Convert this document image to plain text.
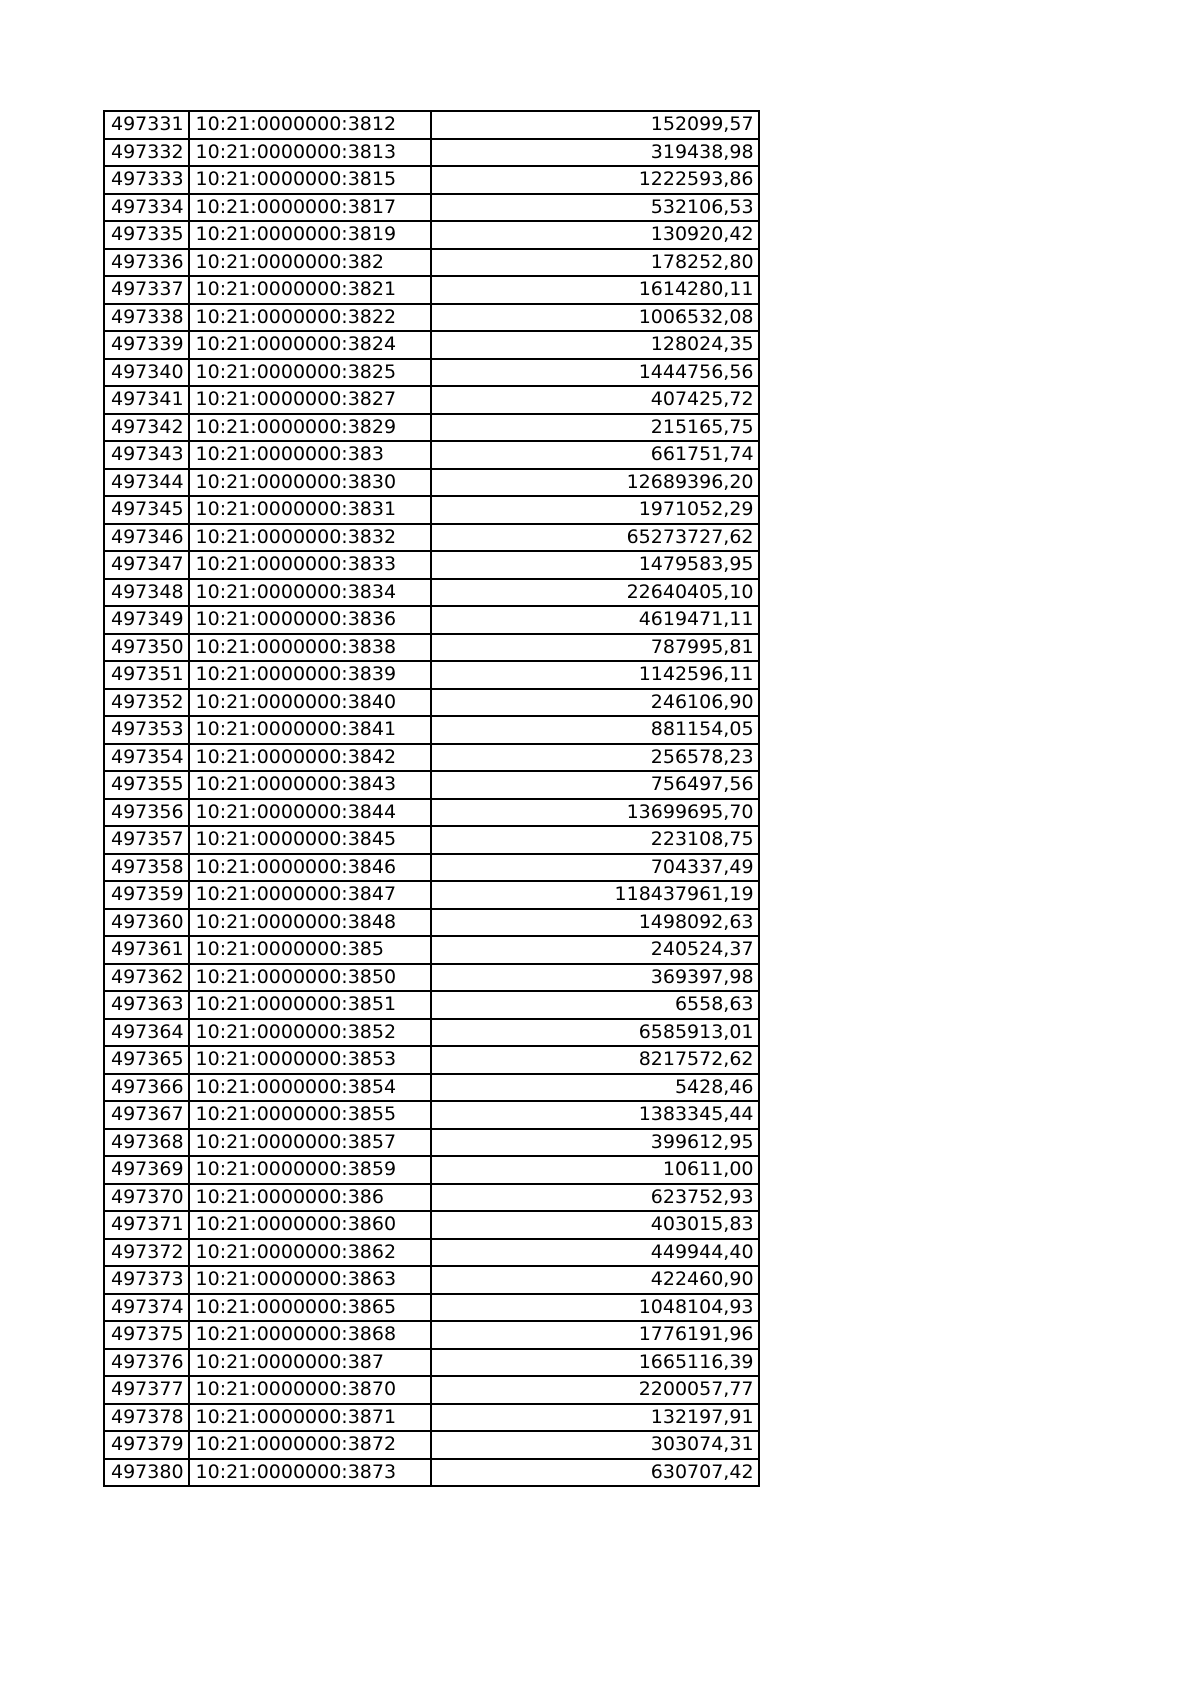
497331	10:21:0000000:3812	152099,57
497332	10:21:0000000:3813	319438,98
497333	10:21:0000000:3815	1222593,86
497334	10:21:0000000:3817	532106,53
497335	10:21:0000000:3819	130920,42
497336	10:21:0000000:382	178252,80
497337	10:21:0000000:3821	1614280,11
497338	10:21:0000000:3822	1006532,08
497339	10:21:0000000:3824	128024,35
497340	10:21:0000000:3825	1444756,56
497341	10:21:0000000:3827	407425,72
497342	10:21:0000000:3829	215165,75
497343	10:21:0000000:383	661751,74
497344	10:21:0000000:3830	12689396,20
497345	10:21:0000000:3831	1971052,29
497346	10:21:0000000:3832	65273727,62
497347	10:21:0000000:3833	1479583,95
497348	10:21:0000000:3834	22640405,10
497349	10:21:0000000:3836	4619471,11
497350	10:21:0000000:3838	787995,81
497351	10:21:0000000:3839	1142596,11
497352	10:21:0000000:3840	246106,90
497353	10:21:0000000:3841	881154,05
497354	10:21:0000000:3842	256578,23
497355	10:21:0000000:3843	756497,56
497356	10:21:0000000:3844	13699695,70
497357	10:21:0000000:3845	223108,75
497358	10:21:0000000:3846	704337,49
497359	10:21:0000000:3847	118437961,19
497360	10:21:0000000:3848	1498092,63
497361	10:21:0000000:385	240524,37
497362	10:21:0000000:3850	369397,98
497363	10:21:0000000:3851	6558,63
497364	10:21:0000000:3852	6585913,01
497365	10:21:0000000:3853	8217572,62
497366	10:21:0000000:3854	5428,46
497367	10:21:0000000:3855	1383345,44
497368	10:21:0000000:3857	399612,95
497369	10:21:0000000:3859	10611,00
497370	10:21:0000000:386	623752,93
497371	10:21:0000000:3860	403015,83
497372	10:21:0000000:3862	449944,40
497373	10:21:0000000:3863	422460,90
497374	10:21:0000000:3865	1048104,93
497375	10:21:0000000:3868	1776191,96
497376	10:21:0000000:387	1665116,39
497377	10:21:0000000:3870	2200057,77
497378	10:21:0000000:3871	132197,91
497379	10:21:0000000:3872	303074,31
497380	10:21:0000000:3873	630707,42
